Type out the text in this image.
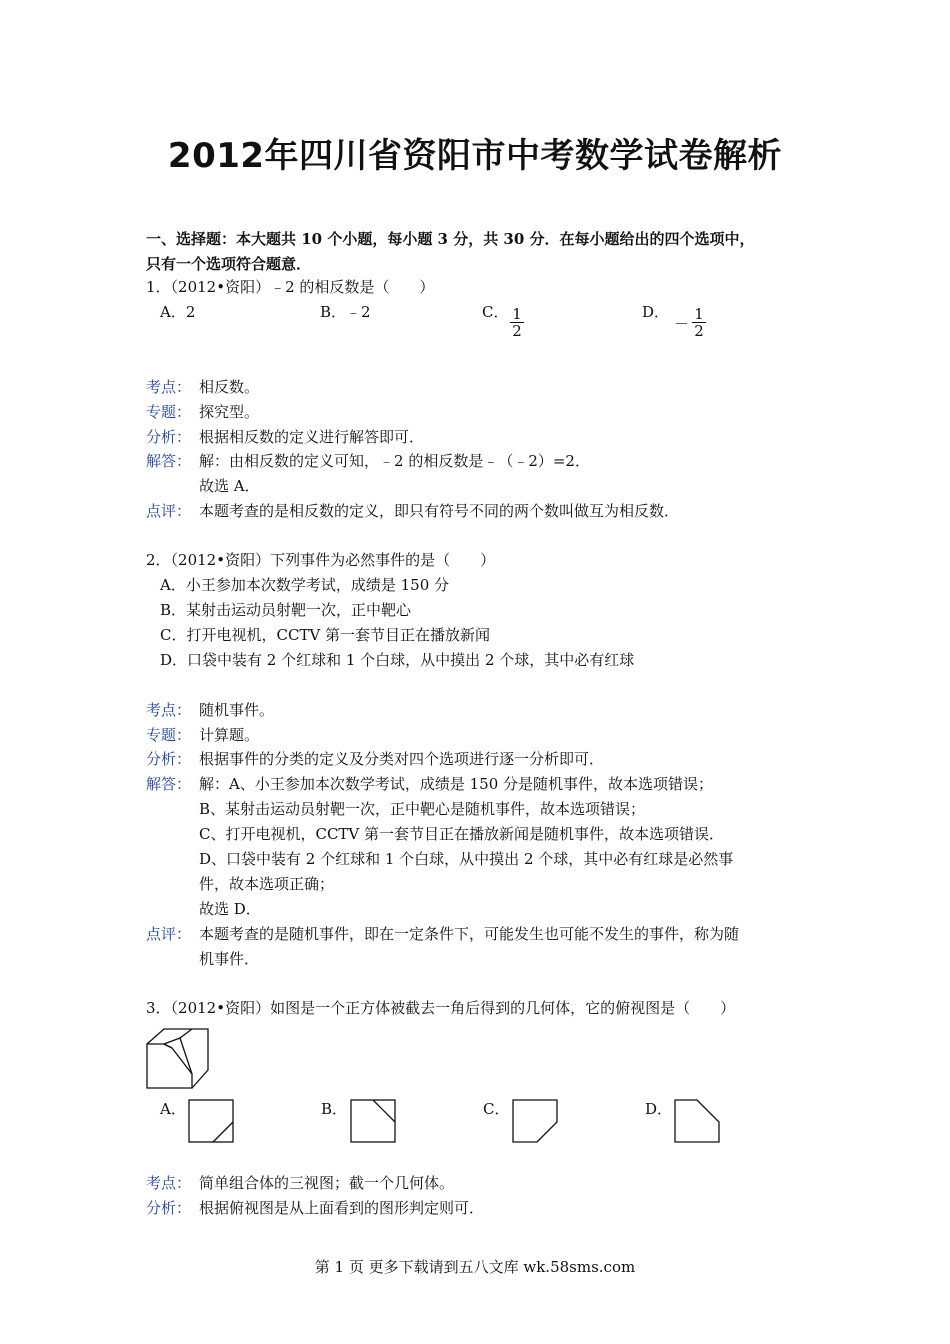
2012年四川省资阳市中考数学试卷解析
一、选择题：本大题共 10 个小题，每小题 3 分，共 30 分．在每小题给出的四个选项中，
只有一个选项符合题意．
1．（2012•资阳）﹣2 的相反数是（　　）
A．2	B．﹣2	C． $\frac{1}{2}$	D．
－ $\frac{1}{2}$
考点： 相反数。
专题： 探究型。
分析： 根据相反数的定义进行解答即可．
解答： 解：由相反数的定义可知，﹣2 的相反数是﹣（﹣2）=2．
故选 A．
点评： 本题考查的是相反数的定义，即只有符号不同的两个数叫做互为相反数．
2．（2012•资阳）下列事件为必然事件的是（　　）
A．小王参加本次数学考试，成绩是 150 分
B．某射击运动员射靶一次，正中靶心
C．打开电视机，CCTV 第一套节目正在播放新闻
D．口袋中装有 2 个红球和 1 个白球，从中摸出 2 个球，其中必有红球
考点： 随机事件。
专题： 计算题。
分析： 根据事件的分类的定义及分类对四个选项进行逐一分析即可．
解答： 解：A、小王参加本次数学考试，成绩是 150 分是随机事件，故本选项错误；
B、某射击运动员射靶一次，正中靶心是随机事件，故本选项错误；
C、打开电视机，CCTV 第一套节目正在播放新闻是随机事件，故本选项错误．
D、口袋中装有 2 个红球和 1 个白球，从中摸出 2 个球，其中必有红球是必然事
件，故本选项正确；
故选 D．
点评： 本题考查的是随机事件，即在一定条件下，可能发生也可能不发生的事件，称为随
机事件．
3．（2012•资阳）如图是一个正方体被截去一角后得到的几何体，它的俯视图是（　　）
A．	B．	C．	D．
考点： 简单组合体的三视图；截一个几何体。
分析： 根据俯视图是从上面看到的图形判定则可．
第 1 页 更多下载请到五八文库 wk.58sms.com
